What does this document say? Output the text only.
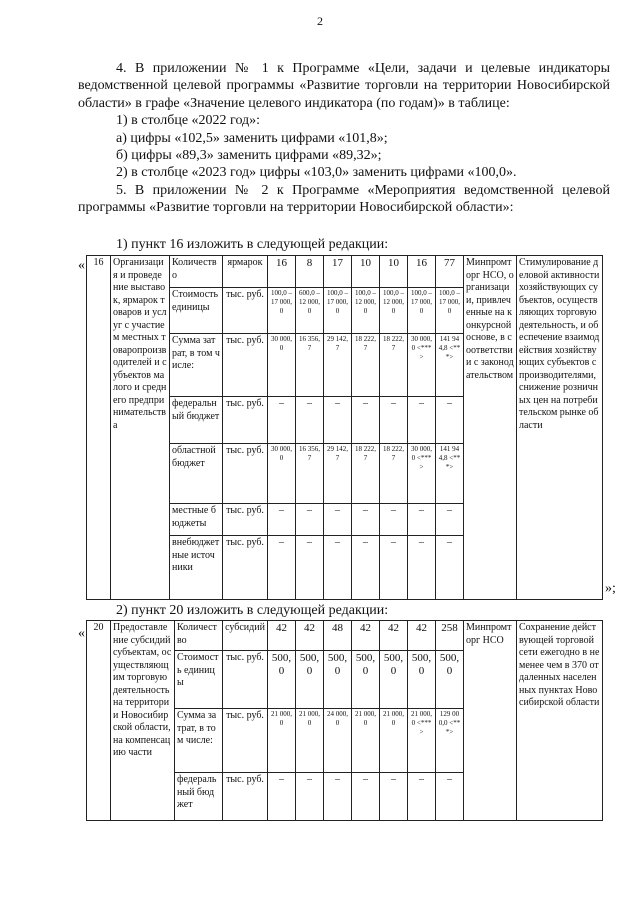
2

4. В приложении № 1 к Программе «Цели, задачи и целевые индикаторы ведомственной целевой программы «Развитие торговли на территории Новосибирской области» в графе «Значение целевого индикатора (по годам)» в таблице:

1) в столбце «2022 год»:

а) цифры «102,5» заменить цифрами «101,8»;

б) цифры «89,3» заменить цифрами «89,32»;

2) в столбце «2023 год» цифры «103,0» заменить цифрами «100,0».

5. В приложении № 2 к Программе «Мероприятия ведомственной целевой программы «Развитие торговли на территории Новосибирской области»:

1) пункт 16 изложить в следующей редакции:
« 16	Организация и проведение выставок, ярмарок товаров и услуг с участием местных товаропроизводителей и субъектов малого и среднего предпринимательства	Количество	ярмарок	16	8	17	10	10	16	77	Минпромторг НСО, организации, привлеченные на конкурсной основе, в соответствии с законодательством	Стимулирование деловой активности хозяйствующих субъектов, осуществляющих торговую деятельность, и обеспечение взаимодействия хозяйствующих субъектов с производителями, снижение розничных цен на потребительском рынке области
		Стоимость единицы	тыс. руб.	100,0 – 17 000,0	600,0 – 12 000,0	100,0 – 17 000,0	100,0 – 12 000,0	100,0 – 12 000,0	100,0 – 17 000,0	100,0 – 17 000,0		
		Сумма затрат, в том числе:	тыс. руб.	30 000,0	16 356,7	29 142,7	18 222,7	18 222,7	30 000,0 <***>	141 944,8 <***>		
		федеральный бюджет	тыс. руб.	–	–	–	–	–	–	–		
		областной бюджет	тыс. руб.	30 000,0	16 356,7	29 142,7	18 222,7	18 222,7	30 000,0 <***>	141 944,8 <***>		
		местные бюджеты	тыс. руб.	–	–	–	–	–	–	–		
		внебюджетные источники	тыс. руб.	–	–	–	–	–	–	–		
»;
2) пункт 20 изложить в следующей редакции:
« 20	Предоставление субсидий субъектам, осуществляющим торговую деятельность на территории Новосибирской области, на компенсацию части	Количество	субсидий	42	42	48	42	42	42	258	Минпромторг НСО	Сохранение действующей торговой сети ежегодно в не менее чем в 370 отдаленных населенных пунктах Новосибирской области
		Стоимость единицы	тыс. руб.	500,0	500,0	500,0	500,0	500,0	500,0	500,0		
		Сумма затрат, в том числе:	тыс. руб.	21 000,0	21 000,0	24 000,0	21 000,0	21 000,0	21 000,0 <***>	129 000,0 <***>		
		федеральный бюджет	тыс. руб.	–	–	–	–	–	–	–		
